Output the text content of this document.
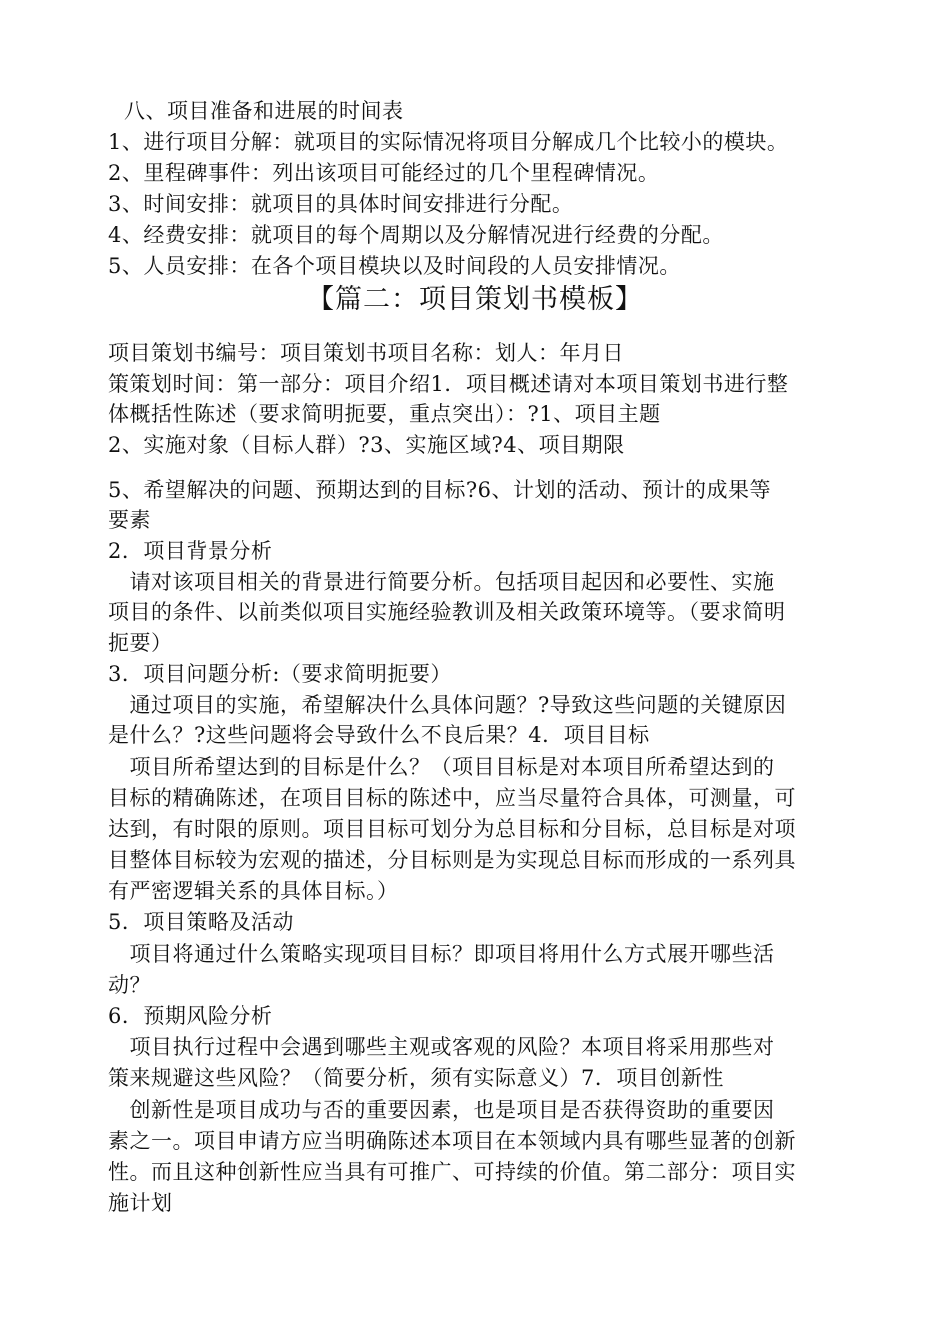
八、项目准备和进展的时间表
1、进行项目分解：就项目的实际情况将项目分解成几个比较小的模块。
2、里程碑事件：列出该项目可能经过的几个里程碑情况。
3、时间安排：就项目的具体时间安排进行分配。
4、经费安排：就项目的每个周期以及分解情况进行经费的分配。
5、人员安排：在各个项目模块以及时间段的人员安排情况。
【篇二：项目策划书模板】
项目策划书编号：项目策划书项目名称：划人：年月日
策策划时间：第一部分：项目介绍1．项目概述请对本项目策划书进行整
体概括性陈述（要求简明扼要，重点突出）：?1、项目主题
2、实施对象（目标人群）?3、实施区域?4、项目期限
5、希望解决的问题、预期达到的目标?6、计划的活动、预计的成果等
要素
2．项目背景分析
　请对该项目相关的背景进行简要分析。包括项目起因和必要性、实施
项目的条件、以前类似项目实施经验教训及相关政策环境等。（要求简明
扼要）
3．项目问题分析:（要求简明扼要）
　通过项目的实施，希望解决什么具体问题？?导致这些问题的关键原因
是什么？?这些问题将会导致什么不良后果？4．项目目标
　项目所希望达到的目标是什么？（项目目标是对本项目所希望达到的
目标的精确陈述，在项目目标的陈述中，应当尽量符合具体，可测量，可
达到，有时限的原则。项目目标可划分为总目标和分目标，总目标是对项
目整体目标较为宏观的描述，分目标则是为实现总目标而形成的一系列具
有严密逻辑关系的具体目标。）
5．项目策略及活动
　项目将通过什么策略实现项目目标？即项目将用什么方式展开哪些活
动？
6．预期风险分析
　项目执行过程中会遇到哪些主观或客观的风险？本项目将采用那些对
策来规避这些风险？（简要分析，须有实际意义）7．项目创新性
　创新性是项目成功与否的重要因素，也是项目是否获得资助的重要因
素之一。项目申请方应当明确陈述本项目在本领域内具有哪些显著的创新
性。而且这种创新性应当具有可推广、可持续的价值。第二部分：项目实
施计划
